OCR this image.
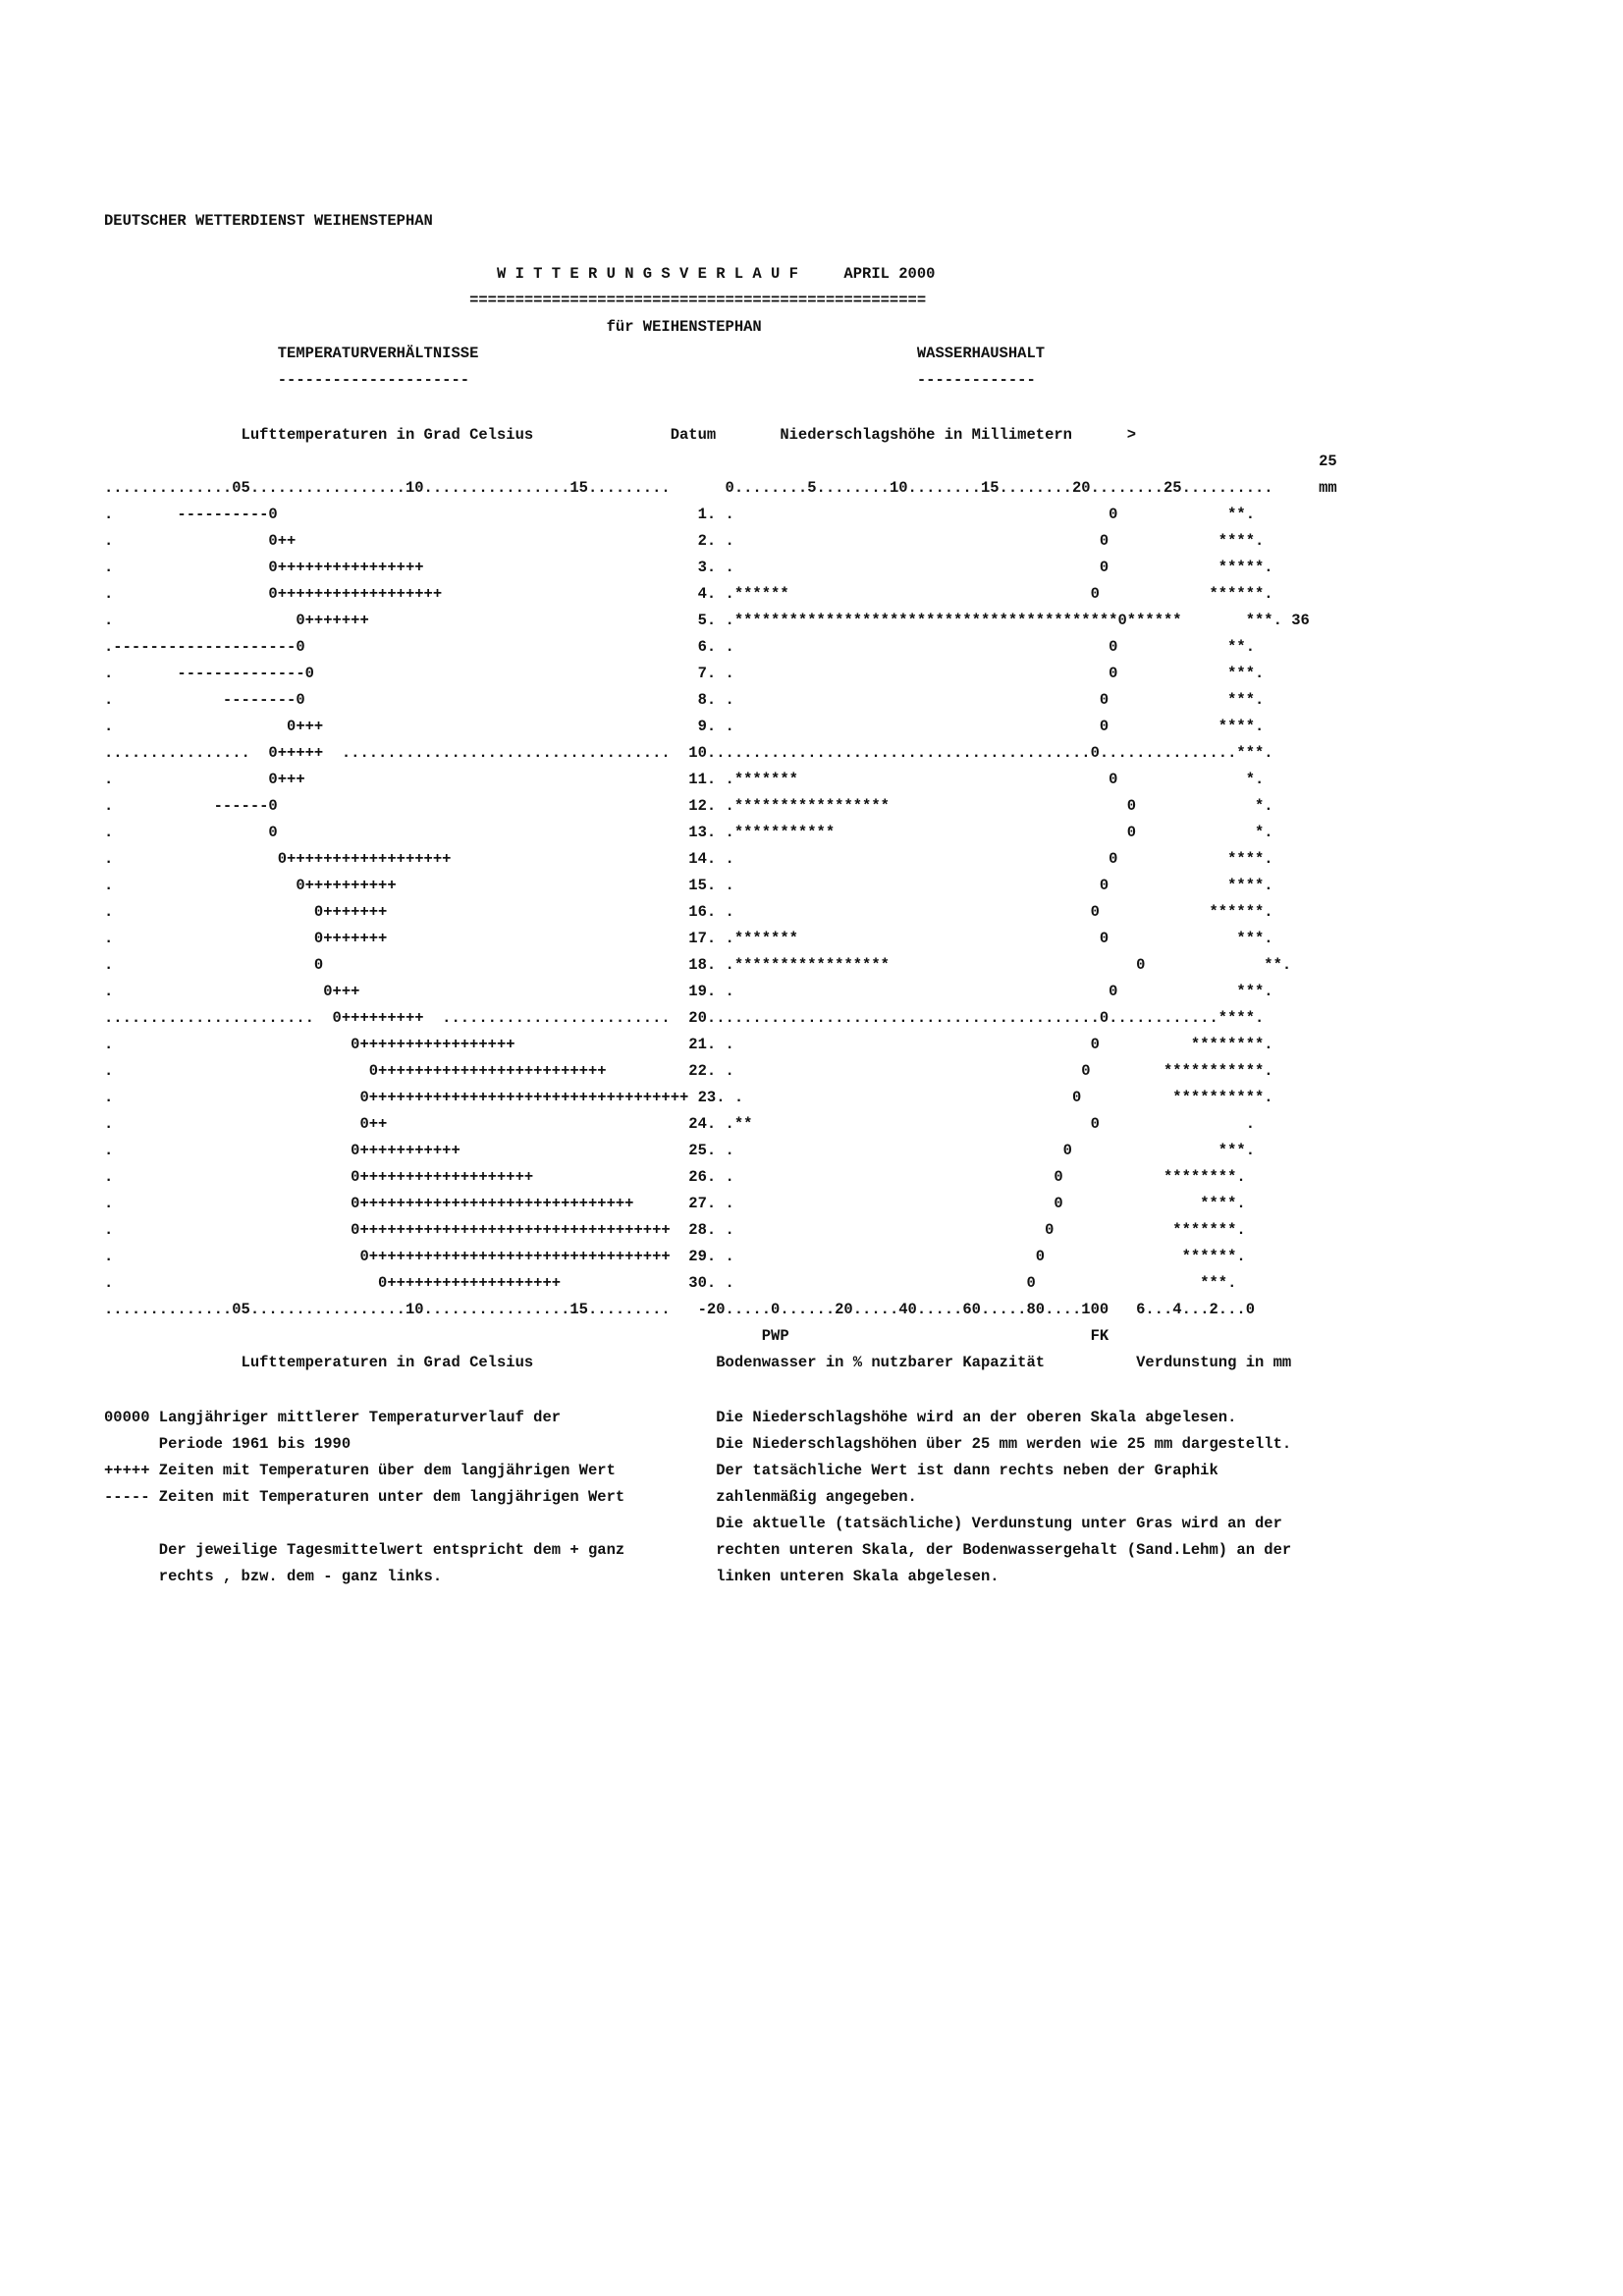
DEUTSCHER WETTERDIENST WEIHENSTEPHAN

W I T T E R U N G S V E R L A U F     APRIL 2000
==================================================
für WEIHENSTEPHAN
TEMPERATURVERHÄLTNISSE                                                WASSERHAUSHALT
---------------------                                                 -------------

Lufttemperaturen in Grad Celsius               Datum       Niederschlagshöhe in Millimetern      >
25
..............05.................10................15.........      0........5........10........15........20........25..........     mm
.       ----------0                                              1. .                                         0            **.
.                 0++                                            2. .                                        0            ****.
.                 0++++++++++++++++                              3. .                                        0            *****.
.                 0++++++++++++++++++                            4. .******                                 0            ******.
.                    0+++++++                                    5. .******************************************0******       ***. 36
.--------------------0                                           6. .                                         0            **.
.       --------------0                                          7. .                                         0            ***.
.            --------0                                           8. .                                        0             ***.
.                   0+++                                         9. .                                        0            ****.
................  0+++++  ....................................  10..........................................0...............***.
.                 0+++                                          11. .*******                                  0              *.
.           ------0                                             12. .*****************                          0             *.
.                 0                                             13. .***********                                0             *.
.                  0++++++++++++++++++                          14. .                                         0            ****.
.                    0++++++++++                                15. .                                        0             ****.
.                      0+++++++                                 16. .                                       0            ******.
.                      0+++++++                                 17. .*******                                 0              ***.
.                      0                                        18. .*****************                           0             **.
.                       0+++                                    19. .                                         0             ***.
.......................  0+++++++++  .........................  20...........................................0............****.
.                          0+++++++++++++++++                   21. .                                       0          ********.
.                            0+++++++++++++++++++++++++         22. .                                      0        ***********.
.                           0+++++++++++++++++++++++++++++++++++ 23. .                                    0          **********.
.                           0++                                 24. .**                                     0                .
.                          0+++++++++++                         25. .                                    0                ***.
.                          0+++++++++++++++++++                 26. .                                   0           ********.
.                          0++++++++++++++++++++++++++++++      27. .                                   0               ****.
.                          0++++++++++++++++++++++++++++++++++  28. .                                  0             *******.
.                           0+++++++++++++++++++++++++++++++++  29. .                                 0               ******.
.                             0+++++++++++++++++++              30. .                                0                  ***.
..............05.................10................15.........   -20.....0......20.....40.....60.....80....100   6...4...2...0
PWP                                 FK
Lufttemperaturen in Grad Celsius                    Bodenwasser in % nutzbarer Kapazität          Verdunstung in mm

00000 Langjähriger mittlerer Temperaturverlauf der                 Die Niederschlagshöhe wird an der oberen Skala abgelesen.
Periode 1961 bis 1990                                        Die Niederschlagshöhen über 25 mm werden wie 25 mm dargestellt.
+++++ Zeiten mit Temperaturen über dem langjährigen Wert           Der tatsächliche Wert ist dann rechts neben der Graphik
----- Zeiten mit Temperaturen unter dem langjährigen Wert          zahlenmäßig angegeben.
Die aktuelle (tatsächliche) Verdunstung unter Gras wird an der
Der jeweilige Tagesmittelwert entspricht dem + ganz          rechten unteren Skala, der Bodenwassergehalt (Sand.Lehm) an der
rechts , bzw. dem - ganz links.                              linken unteren Skala abgelesen.
